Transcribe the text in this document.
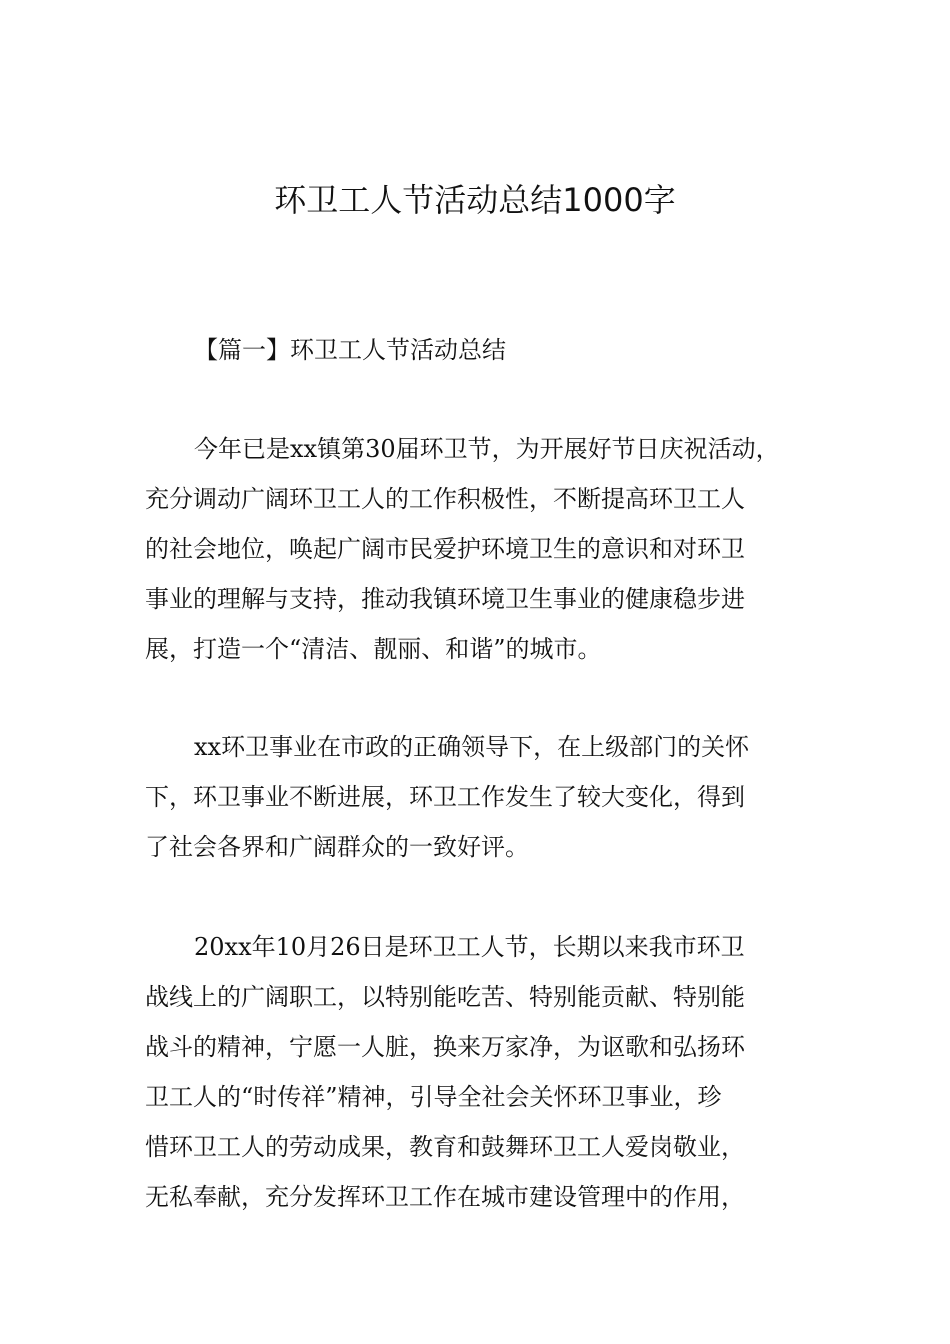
环卫工人节活动总结1000字
【篇一】环卫工人节活动总结
今年已是xx镇第30届环卫节，为开展好节日庆祝活动，
充分调动广阔环卫工人的工作积极性，不断提高环卫工人
的社会地位，唤起广阔市民爱护环境卫生的意识和对环卫
事业的理解与支持，推动我镇环境卫生事业的健康稳步进
展，打造一个“清洁、靓丽、和谐”的城市。
xx环卫事业在市政的正确领导下，在上级部门的关怀
下，环卫事业不断进展，环卫工作发生了较大变化，得到
了社会各界和广阔群众的一致好评。
20xx年10月26日是环卫工人节，长期以来我市环卫
战线上的广阔职工，以特别能吃苦、特别能贡献、特别能
战斗的精神，宁愿一人脏，换来万家净，为讴歌和弘扬环
卫工人的“时传祥”精神，引导全社会关怀环卫事业，珍
惜环卫工人的劳动成果，教育和鼓舞环卫工人爱岗敬业，
无私奉献，充分发挥环卫工作在城市建设管理中的作用，
